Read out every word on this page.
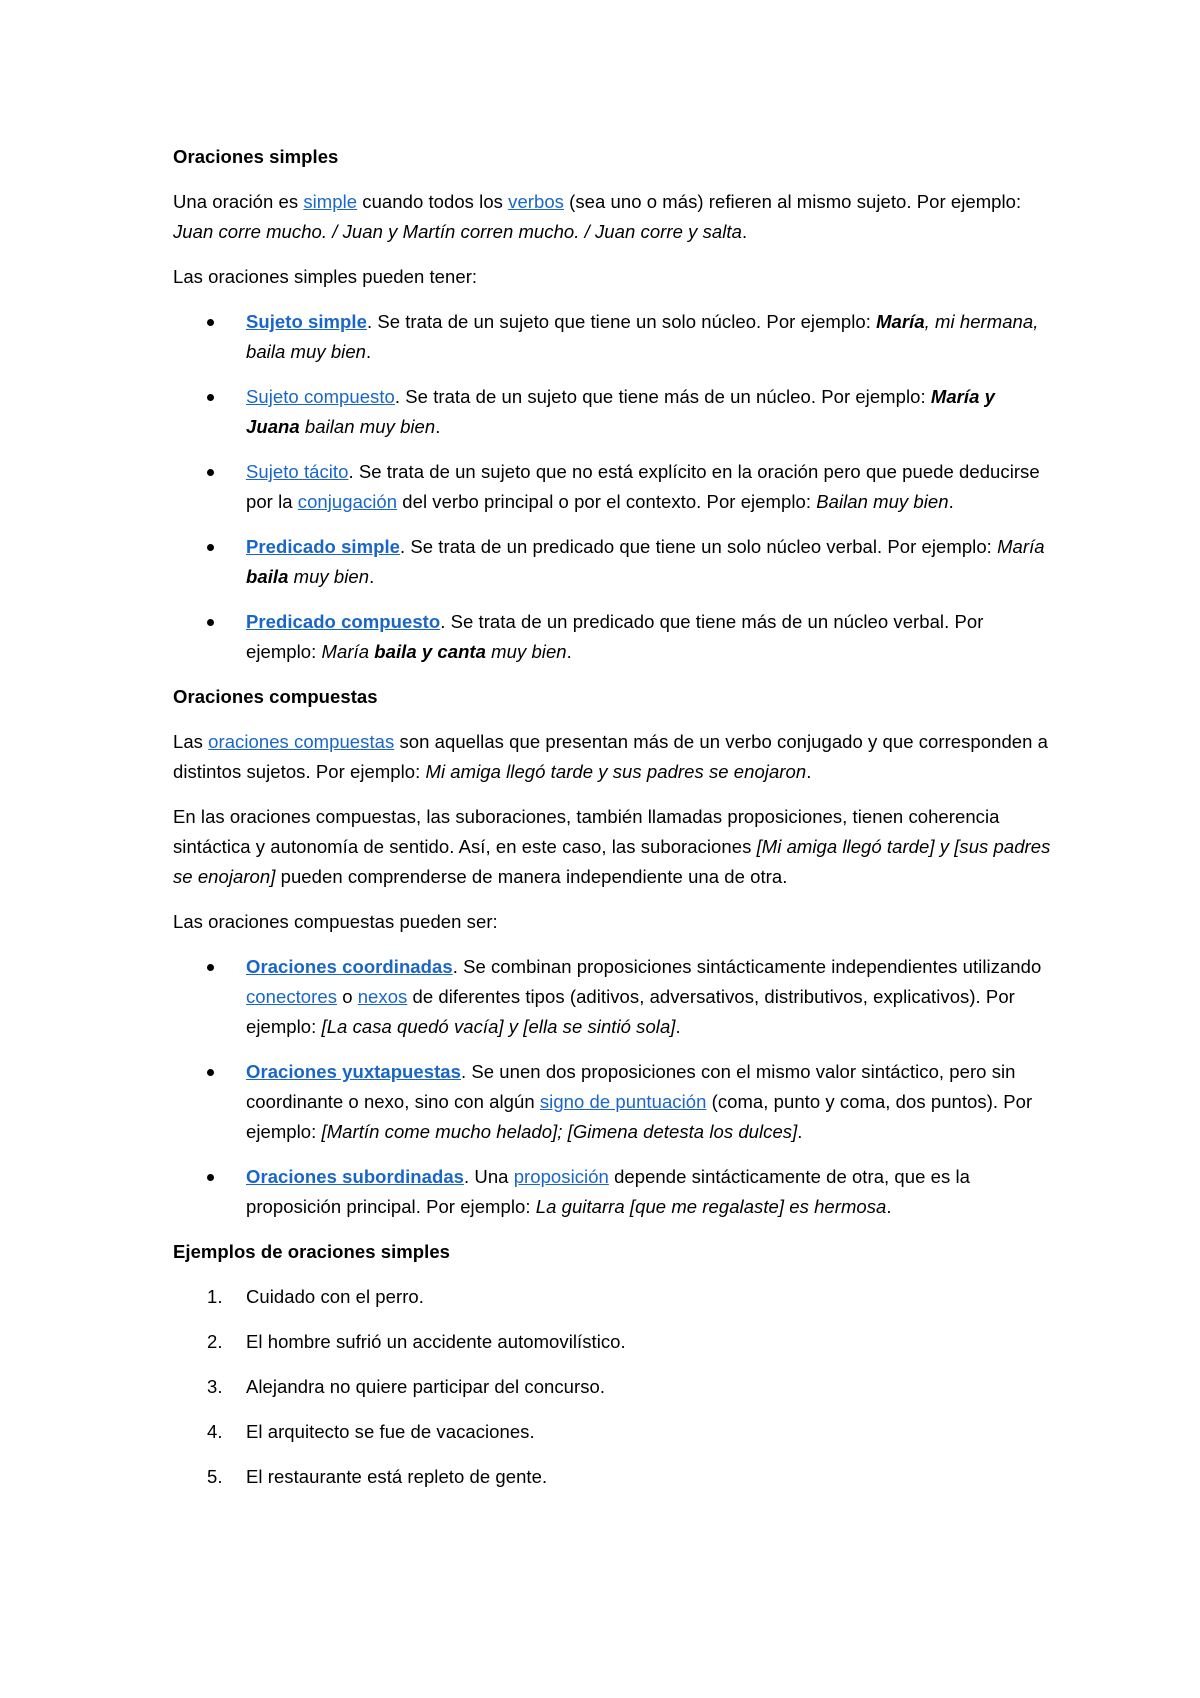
Oraciones simples
Una oración es simple cuando todos los verbos (sea uno o más) refieren al mismo sujeto. Por ejemplo: Juan corre mucho. / Juan y Martín corren mucho. / Juan corre y salta.
Las oraciones simples pueden tener:
Sujeto simple. Se trata de un sujeto que tiene un solo núcleo. Por ejemplo: María, mi hermana, baila muy bien.
Sujeto compuesto. Se trata de un sujeto que tiene más de un núcleo. Por ejemplo: María y Juana bailan muy bien.
Sujeto tácito. Se trata de un sujeto que no está explícito en la oración pero que puede deducirse por la conjugación del verbo principal o por el contexto. Por ejemplo: Bailan muy bien.
Predicado simple. Se trata de un predicado que tiene un solo núcleo verbal. Por ejemplo: María baila muy bien.
Predicado compuesto. Se trata de un predicado que tiene más de un núcleo verbal. Por ejemplo: María baila y canta muy bien.
Oraciones compuestas
Las oraciones compuestas son aquellas que presentan más de un verbo conjugado y que corresponden a distintos sujetos. Por ejemplo: Mi amiga llegó tarde y sus padres se enojaron.
En las oraciones compuestas, las suboraciones, también llamadas proposiciones, tienen coherencia sintáctica y autonomía de sentido. Así, en este caso, las suboraciones [Mi amiga llegó tarde] y [sus padres se enojaron] pueden comprenderse de manera independiente una de otra.
Las oraciones compuestas pueden ser:
Oraciones coordinadas. Se combinan proposiciones sintácticamente independientes utilizando conectores o nexos de diferentes tipos (aditivos, adversativos, distributivos, explicativos). Por ejemplo: [La casa quedó vacía] y [ella se sintió sola].
Oraciones yuxtapuestas. Se unen dos proposiciones con el mismo valor sintáctico, pero sin coordinante o nexo, sino con algún signo de puntuación (coma, punto y coma, dos puntos). Por ejemplo: [Martín come mucho helado]; [Gimena detesta los dulces].
Oraciones subordinadas. Una proposición depende sintácticamente de otra, que es la proposición principal. Por ejemplo: La guitarra [que me regalaste] es hermosa.
Ejemplos de oraciones simples
1. Cuidado con el perro.
2. El hombre sufrió un accidente automovilístico.
3. Alejandra no quiere participar del concurso.
4. El arquitecto se fue de vacaciones.
5. El restaurante está repleto de gente.
